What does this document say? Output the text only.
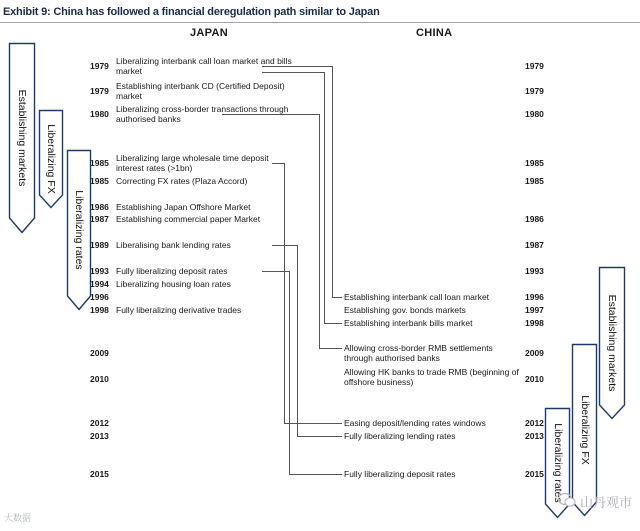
Exhibit 9: China has followed a financial deregulation path similar to Japan
JAPAN	CHINA
1979
1979
1980
1985
1985
1986
1987
1989
1993
1994
1996
1998
2009
2010
2012
2013
2015
Liberalizing interbank call loan market and bills market
Establishing interbank CD (Certified Deposit) market
Liberalizing cross-border transactions through authorised banks
Liberalizing large wholesale time deposit interest rates (>1bn)
Correcting FX rates (Plaza Accord)
Establishing Japan Offshore Market
Establishing commercial paper Market
Liberalising bank lending rates
Fully liberalizing deposit rates
Liberalizing housing loan rates
Fully liberalizing derivative trades
1979
1979
1980
1985
1985
1986
1987
1993
1996
1997
1998
2009
2010
2012
2013
2015
Establishing interbank call loan market
Establishing gov. bonds markets
Establishing interbank bills market
Allowing cross-border RMB settlements through authorised banks
Allowing HK banks to trade RMB (beginning of offshore business)
Easing deposit/lending rates windows
Fully liberalizing lending rates
Fully liberalizing deposit rates
Establishing markets Liberalizing FX
Liberalizing rates
Establishing markets
Liberalizing FX
Liberalizing rates
大数据
山丹观市
